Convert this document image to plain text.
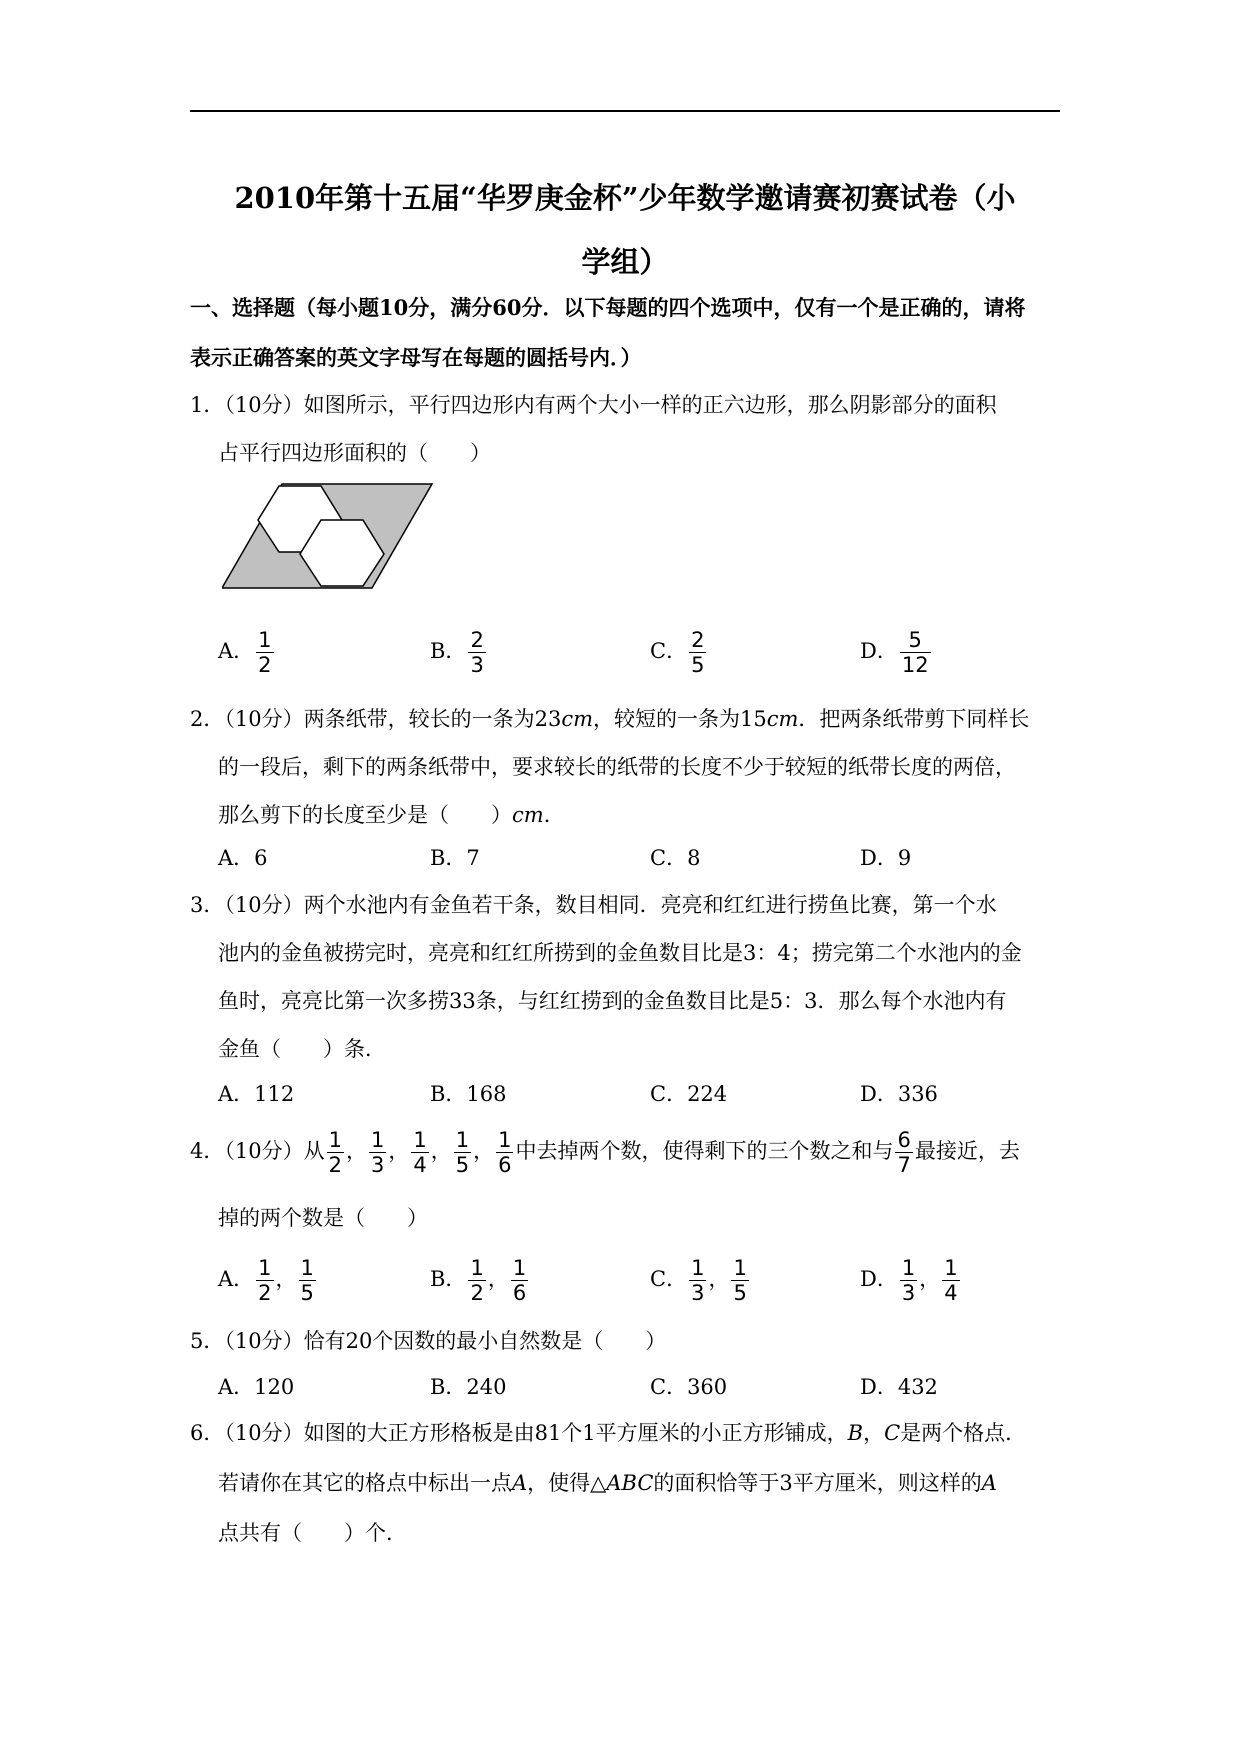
2010年第十五届“华罗庚金杯”少年数学邀请赛初赛试卷（小
学组）
一、选择题（每小题10分，满分60分．以下每题的四个选项中，仅有一个是正确的，请将
表示正确答案的英文字母写在每题的圆括号内．）
1．（10分）如图所示，平行四边形内有两个大小一样的正六边形，那么阴影部分的面积
占平行四边形面积的（　　）
A． $\frac{1}{2}$	B． $\frac{2}{3}$	C． $\frac{2}{5}$	D． $\frac{5}{12}$
2．（10分）两条纸带，较长的一条为23cm，较短的一条为15cm．把两条纸带剪下同样长
的一段后，剩下的两条纸带中，要求较长的纸带的长度不少于较短的纸带长度的两倍，
那么剪下的长度至少是（　　）cm．
A．6	B．7	C．8	D．9
3．（10分）两个水池内有金鱼若干条，数目相同．亮亮和红红进行捞鱼比赛，第一个水
池内的金鱼被捞完时，亮亮和红红所捞到的金鱼数目比是3：4；捞完第二个水池内的金
鱼时，亮亮比第一次多捞33条，与红红捞到的金鱼数目比是5：3．那么每个水池内有
金鱼（　　）条．
A．112	B．168	C．224	D．336
4．（10分）从 $\frac{1}{2}$ ， $\frac{1}{3}$ ， $\frac{1}{4}$ ， $\frac{1}{5}$ ， $\frac{1}{6}$ 中去掉两个数，使得剩下的三个数之和与 $\frac{6}{7}$ 最接近，去
掉的两个数是（　　）
A． $\frac{1}{2}$ ， $\frac{1}{5}$	B． $\frac{1}{2}$ ， $\frac{1}{6}$	C． $\frac{1}{3}$ ， $\frac{1}{5}$	D． $\frac{1}{3}$ ， $\frac{1}{4}$
5．（10分）恰有20个因数的最小自然数是（　　）
A．120	B．240	C．360	D．432
6．（10分）如图的大正方形格板是由81个1平方厘米的小正方形铺成，B，C是两个格点．
若请你在其它的格点中标出一点A，使得△ABC的面积恰等于3平方厘米，则这样的A
点共有（　　）个．
